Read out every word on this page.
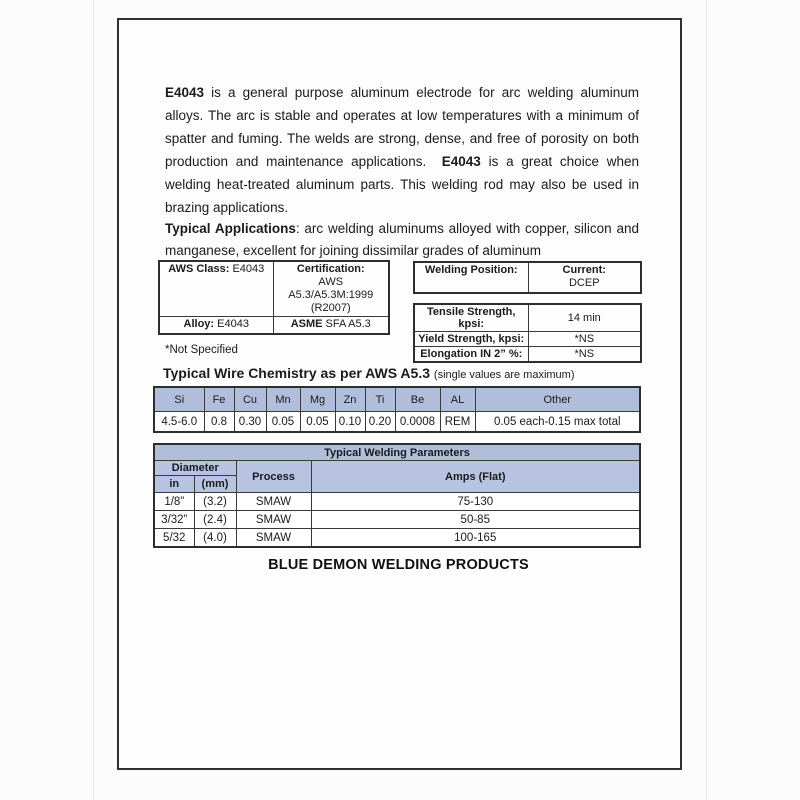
E4043 is a general purpose aluminum electrode for arc welding aluminum alloys. The arc is stable and operates at low temperatures with a minimum of spatter and fuming. The welds are strong, dense, and free of porosity on both production and maintenance applications. E4043 is a great choice when welding heat-treated aluminum parts. This welding rod may also be used in brazing applications.

Typical Applications: arc welding aluminums alloyed with copper, silicon and manganese, excellent for joining dissimilar grades of aluminum

AWS Class: E4043	Certification:
AWS A5.3/A5.3M:1999
(R2007)

Alloy: E4043	ASME SFA A5.3
Welding Position:	Current:
DCEP
Tensile Strength, kpsi:	14 min
Yield Strength, kpsi:	*NS
Elongation IN 2” %:	*NS
*Not Specified
Typical Wire Chemistry as per AWS A5.3 (single values are maximum)
Si	Fe	Cu	Mn	Mg	Zn	Ti	Be	AL	Other
4.5-6.0	0.8	0.30	0.05	0.05	0.10	0.20	0.0008	REM	0.05 each-0.15 max total
Typical Welding Parameters			
Diameter		Process	Amps (Flat)
in	(mm)		
1/8”	(3.2)	SMAW	75-130
3/32”	(2.4)	SMAW	50-85
5/32	(4.0)	SMAW	100-165
BLUE DEMON WELDING PRODUCTS
